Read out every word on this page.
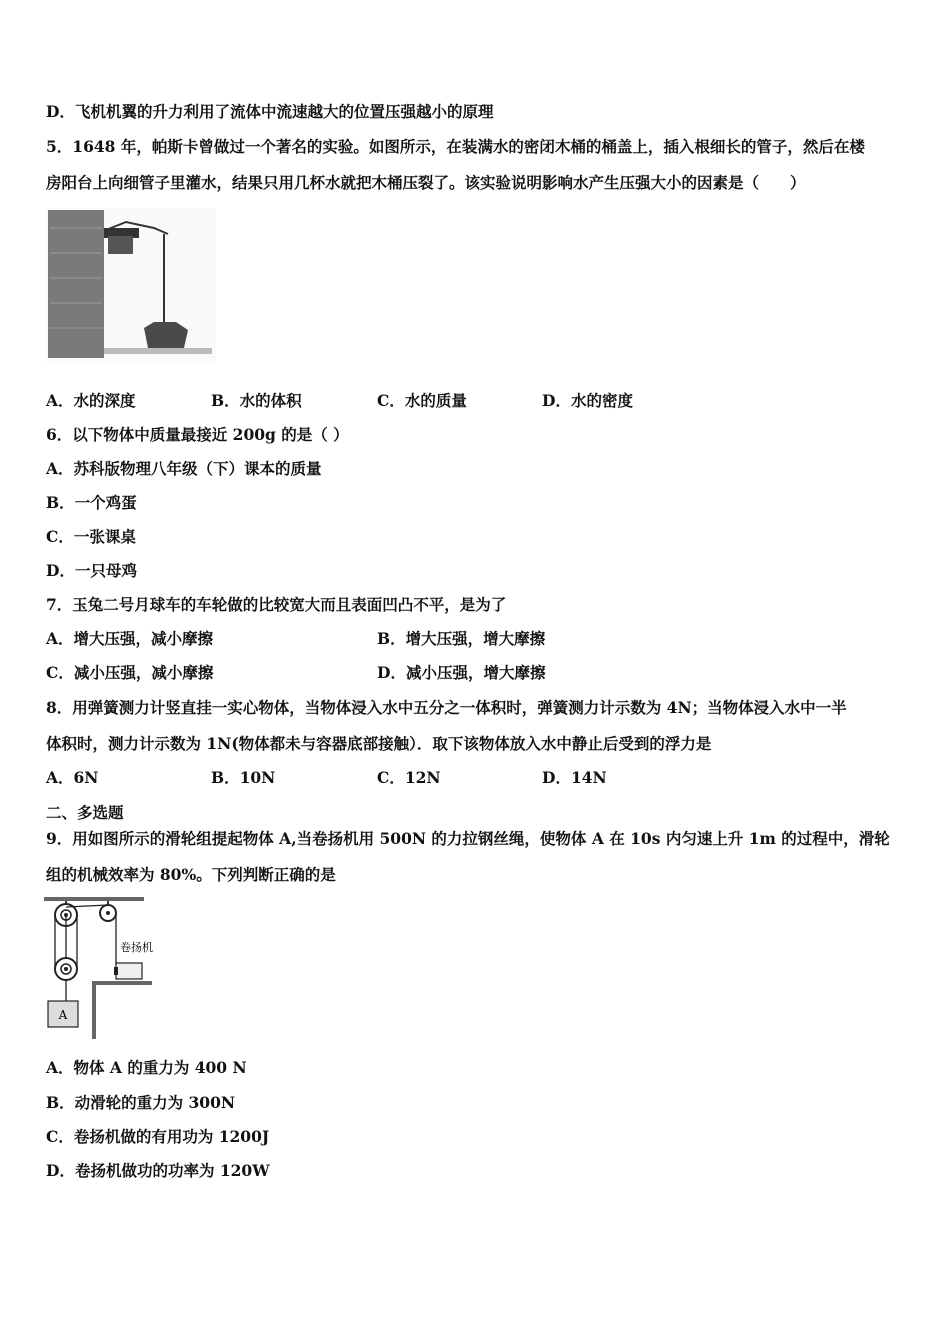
D．飞机机翼的升力利用了流体中流速越大的位置压强越小的原理
5．1648 年，帕斯卡曾做过一个著名的实验。如图所示，在装满水的密闭木桶的桶盖上，插入根细长的管子，然后在楼
房阳台上向细管子里灌水，结果只用几杯水就把木桶压裂了。该实验说明影响水产生压强大小的因素是（　　）
A．水的深度	B．水的体积	C．水的质量	D．水的密度
6．以下物体中质量最接近 200g 的是（ ）
A．苏科版物理八年级（下）课本的质量
B．一个鸡蛋
C．一张课桌
D．一只母鸡
7．玉兔二号月球车的车轮做的比较宽大而且表面凹凸不平，是为了
A．增大压强，减小摩擦	B．增大压强，增大摩擦
C．减小压强，减小摩擦	D．减小压强，增大摩擦
8．用弹簧测力计竖直挂一实心物体，当物体浸入水中五分之一体积时，弹簧测力计示数为 4N；当物体浸入水中一半
体积时，测力计示数为 1N(物体都未与容器底部接触）．取下该物体放入水中静止后受到的浮力是
A．6N	B．10N	C．12N	D．14N
二、多选题
9．用如图所示的滑轮组提起物体 A,当卷扬机用 500N 的力拉钢丝绳，使物体 A 在 10s 内匀速上升 1m 的过程中，滑轮
组的机械效率为 80%。下列判断正确的是
A
卷扬机
A．物体 A 的重力为 400 N
B．动滑轮的重力为 300N
C．卷扬机做的有用功为 1200J
D．卷扬机做功的功率为 120W
